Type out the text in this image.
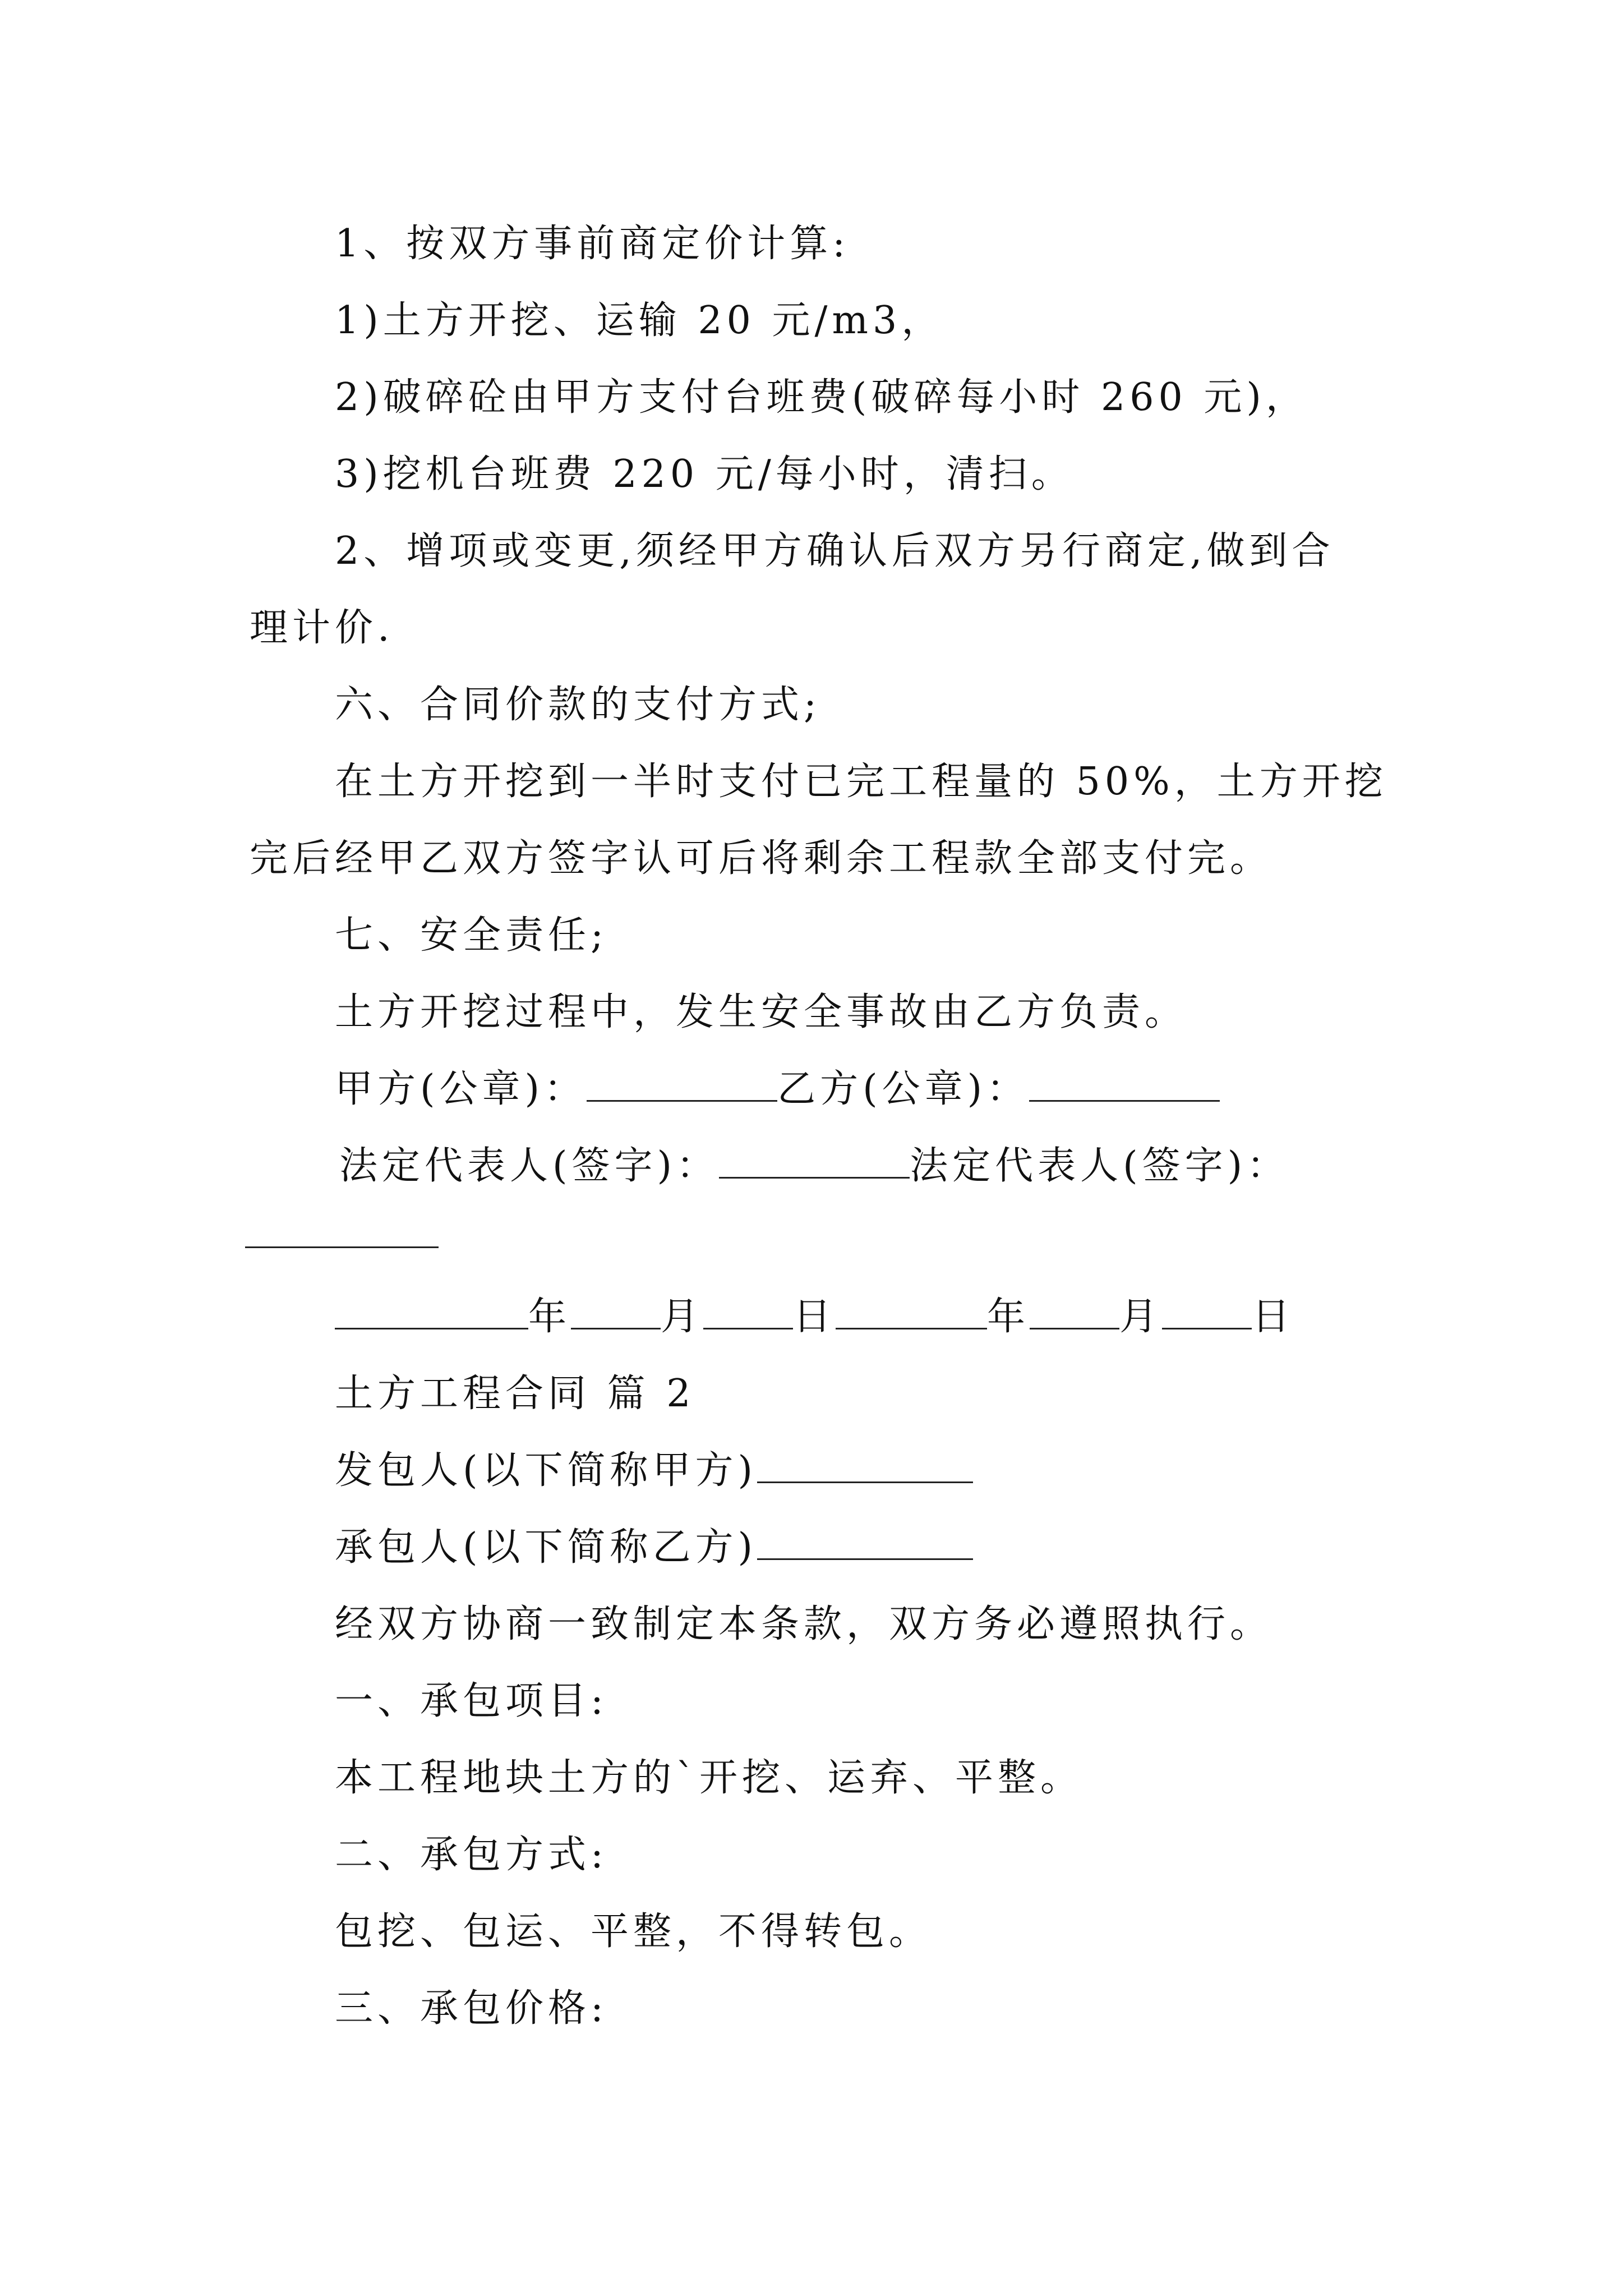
1、按双方事前商定价计算:
1)土方开挖、运输 20 元/m3，
2)破碎砼由甲方支付台班费(破碎每小时 260 元)，
3)挖机台班费 220 元/每小时，清扫。
2、增项或变更,须经甲方确认后双方另行商定,做到合
理计价.
六、合同价款的支付方式;
在土方开挖到一半时支付已完工程量的 50%，土方开挖
完后经甲乙双方签字认可后将剩余工程款全部支付完。
七、安全责任;
土方开挖过程中，发生安全事故由乙方负责。
甲方(公章)：	乙方(公章)：
法定代表人(签字)：	法定代表人(签字)：
年 月 日	年 月 日
土方工程合同 篇 2
发包人(以下简称甲方)
承包人(以下简称乙方)
经双方协商一致制定本条款，双方务必遵照执行。
一、承包项目:
本工程地块土方的`开挖、运弃、平整。
二、承包方式:
包挖、包运、平整，不得转包。
三、承包价格:
